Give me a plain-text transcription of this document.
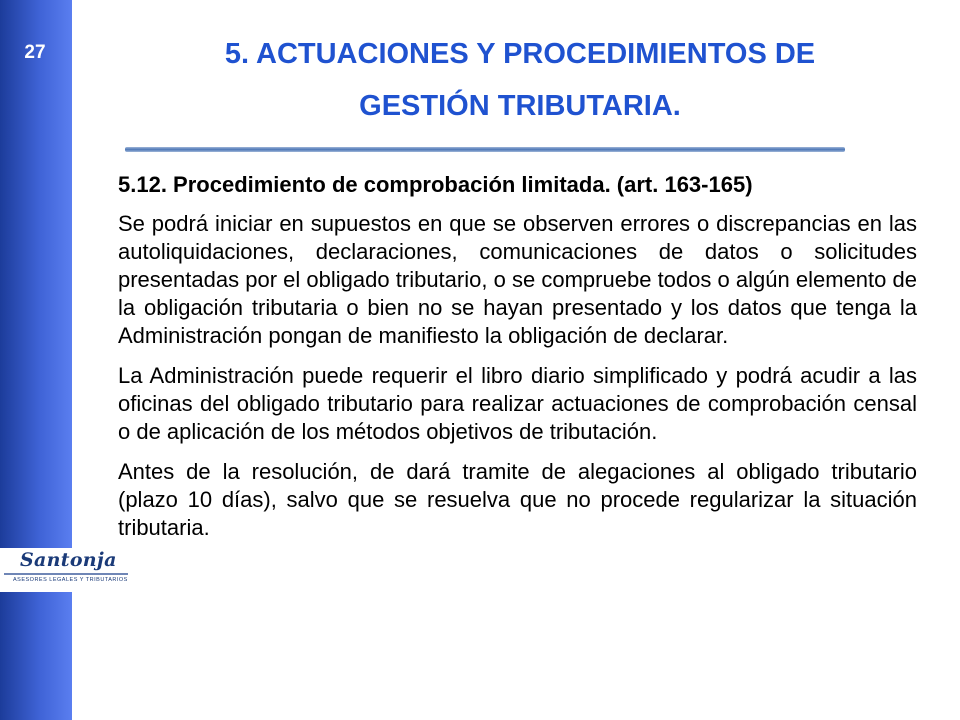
27
Santonja
ASESORES LEGALES Y TRIBUTARIOS
5. ACTUACIONES Y PROCEDIMIENTOS DE
GESTIÓN TRIBUTARIA.

5.12. Procedimiento de comprobación limitada. (art. 163-165)

Se podrá iniciar en supuestos en que se observen errores o discrepancias en las autoliquidaciones, declaraciones, comunicaciones de datos o solicitudes presentadas por el obligado tributario, o se compruebe todos o algún elemento de la obligación tributaria o bien no se hayan presentado y los datos que tenga la Administración pongan de manifiesto la obligación de declarar.

La Administración puede requerir el libro diario simplificado y podrá acudir a las oficinas del obligado tributario para realizar actuaciones de comprobación censal o de aplicación de los métodos objetivos de tributación.

Antes de la resolución, de dará tramite de alegaciones al obligado tributario (plazo 10 días), salvo que se resuelva que no procede regularizar la situación tributaria.
